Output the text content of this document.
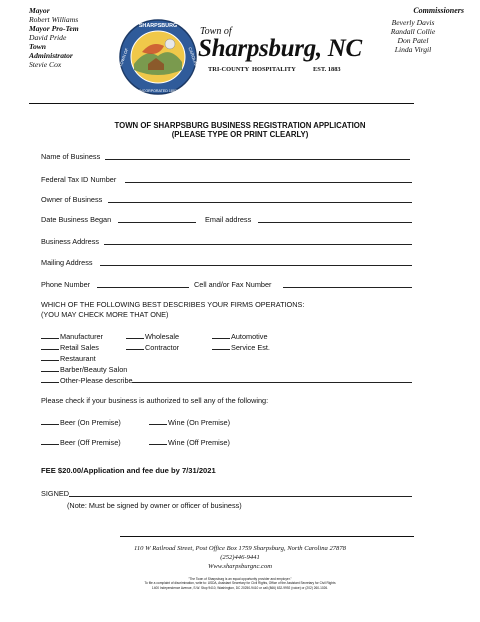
Mayor
Robert Williams
Mayor Pro-Tem
David Pride
Town
Administrator
Stevie Cox
Commissioners
Beverly Davis
Randall Collie
Don Patel
Linda Virgil
SHARPSBURG
TOWN OF	CAROLINA
INCORPORATED 1883
Town of
Sharpsburg, NC
TRI-COUNTY HOSPITALITY	EST. 1883
TOWN OF SHARPSBURG BUSINESS REGISTRATION APPLICATION
(PLEASE TYPE OR PRINT CLEARLY)
Name of Business
Federal Tax ID Number
Owner of Business
Date Business Began	Email address
Business Address
Mailing Address
Phone Number	Cell and/or Fax Number
WHICH OF THE FOLLOWING BEST DESCRIBES YOUR FIRMS OPERATIONS:
(YOU MAY CHECK MORE THAT ONE)
Manufacturer	Wholesale	Automotive
Retail Sales	Contractor	Service Est.
Restaurant
Barber/Beauty Salon
Other-Please describe
Please check if your business is authorized to sell any of the following:
Beer (On Premise)	Wine (On Premise)
Beer (Off Premise)	Wine (Off Premise)
FEE $20.00/Application and fee due by 7/31/2021
SIGNED
(Note: Must be signed by owner or officer of business)
110 W Railroad Street, Post Office Box 1759 Sharpsburg, North Carolina 27878
(252)446-9441
Www.sharpsburgnc.com
"The Town of Sharpsburg is an equal opportunity provider and employer."
To file a complaint of discrimination, write to: USDA, Assistant Secretary for Civil Rights, Office of the Assistant Secretary for Civil Rights
1400 Independence Avenue, S.W. Stop 9410, Washington, DC 20250-9410 or call (866) 632-9992 (voice) or (202) 260-1026.
